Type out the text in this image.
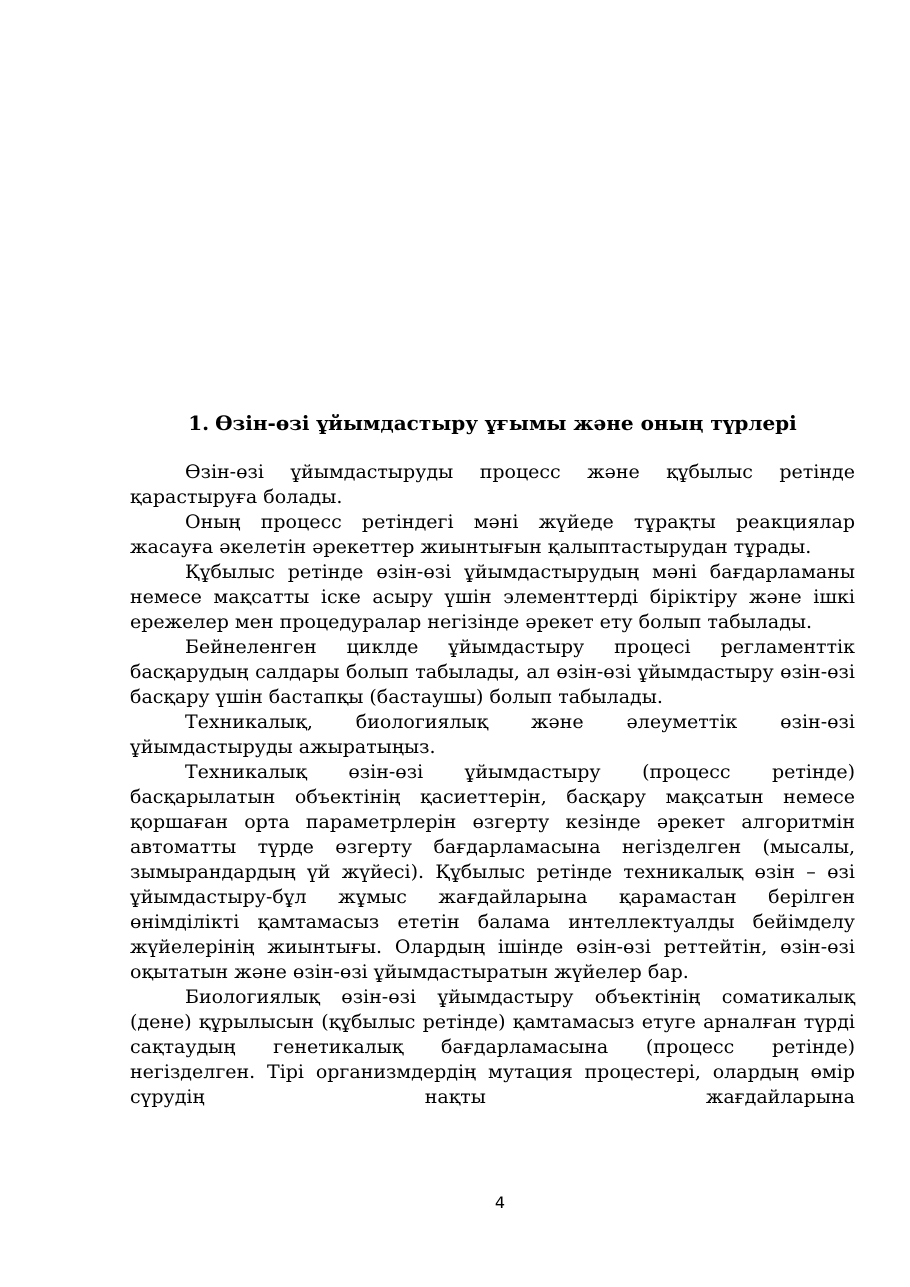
1. Өзін-өзі ұйымдастыру ұғымы және оның түрлері

Өзін-өзі ұйымдастыруды процесс және құбылыс ретінде қарастыруға болады.

Оның процесс ретіндегі мәні жүйеде тұрақты реакциялар жасауға әкелетін әрекеттер жиынтығын қалыптастырудан тұрады.

Құбылыс ретінде өзін-өзі ұйымдастырудың мәні бағдарламаны немесе мақсатты іске асыру үшін элементтерді біріктіру және ішкі ережелер мен процедуралар негізінде әрекет ету болып табылады.

Бейнеленген циклде ұйымдастыру процесі регламенттік басқарудың салдары болып табылады, ал өзін-өзі ұйымдастыру өзін-өзі басқару үшін бастапқы (бастаушы) болып табылады.

Техникалық, биологиялық және әлеуметтік өзін-өзі ұйымдастыруды ажыратыңыз.

Техникалық өзін-өзі ұйымдастыру (процесс ретінде) басқарылатын объектінің қасиеттерін, басқару мақсатын немесе қоршаған орта параметрлерін өзгерту кезінде әрекет алгоритмін автоматты түрде өзгерту бағдарламасына негізделген (мысалы, зымырандардың үй жүйесі). Құбылыс ретінде техникалық өзін – өзі ұйымдастыру-бұл жұмыс жағдайларына қарамастан берілген өнімділікті қамтамасыз ететін балама интеллектуалды бейімделу жүйелерінің жиынтығы. Олардың ішінде өзін-өзі реттейтін, өзін-өзі оқытатын және өзін-өзі ұйымдастыратын жүйелер бар.

Биологиялық өзін-өзі ұйымдастыру объектінің соматикалық (дене) құрылысын (құбылыс ретінде) қамтамасыз етуге арналған түрді сақтаудың генетикалық бағдарламасына (процесс ретінде) негізделген. Тірі организмдердің мутация процестері, олардың өмір сүрудің нақты жағдайларына

4
